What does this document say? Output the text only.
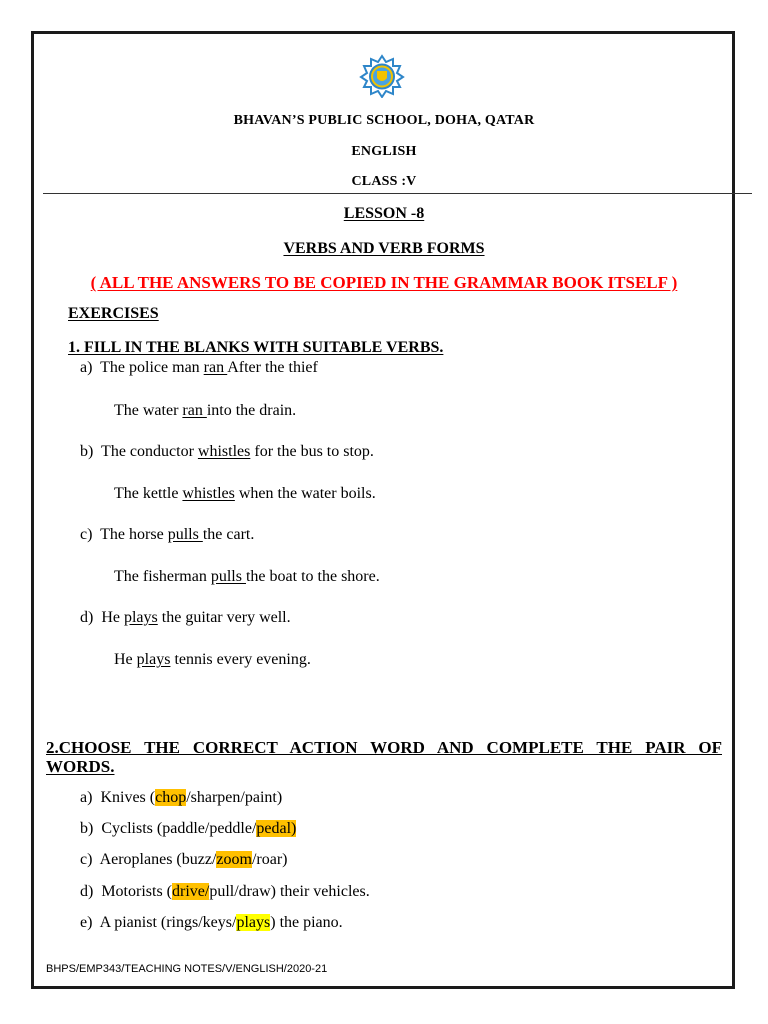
BHAVAN’S PUBLIC SCHOOL, DOHA, QATAR
ENGLISH
CLASS :V
LESSON -8
VERBS AND VERB FORMS
( ALL THE ANSWERS TO BE COPIED IN THE GRAMMAR BOOK ITSELF )
EXERCISES
1. FILL IN THE BLANKS WITH SUITABLE VERBS.
a) The police man ran After the thief
The water ran into the drain.
b) The conductor whistles for the bus to stop.
The kettle whistles when the water boils.
c) The horse pulls the cart.
The fisherman pulls the boat to the shore.
d) He plays the guitar very well.
He plays tennis every evening.
2.CHOOSE THE CORRECT ACTION WORD AND COMPLETE THE PAIR OF
WORDS.
a) Knives (chop/sharpen/paint)
b) Cyclists (paddle/peddle/pedal)
c) Aeroplanes (buzz/zoom/roar)
d) Motorists (drive/pull/draw) their vehicles.
e) A pianist (rings/keys/plays) the piano.
BHPS/EMP343/TEACHING NOTES/V/ENGLISH/2020-21
